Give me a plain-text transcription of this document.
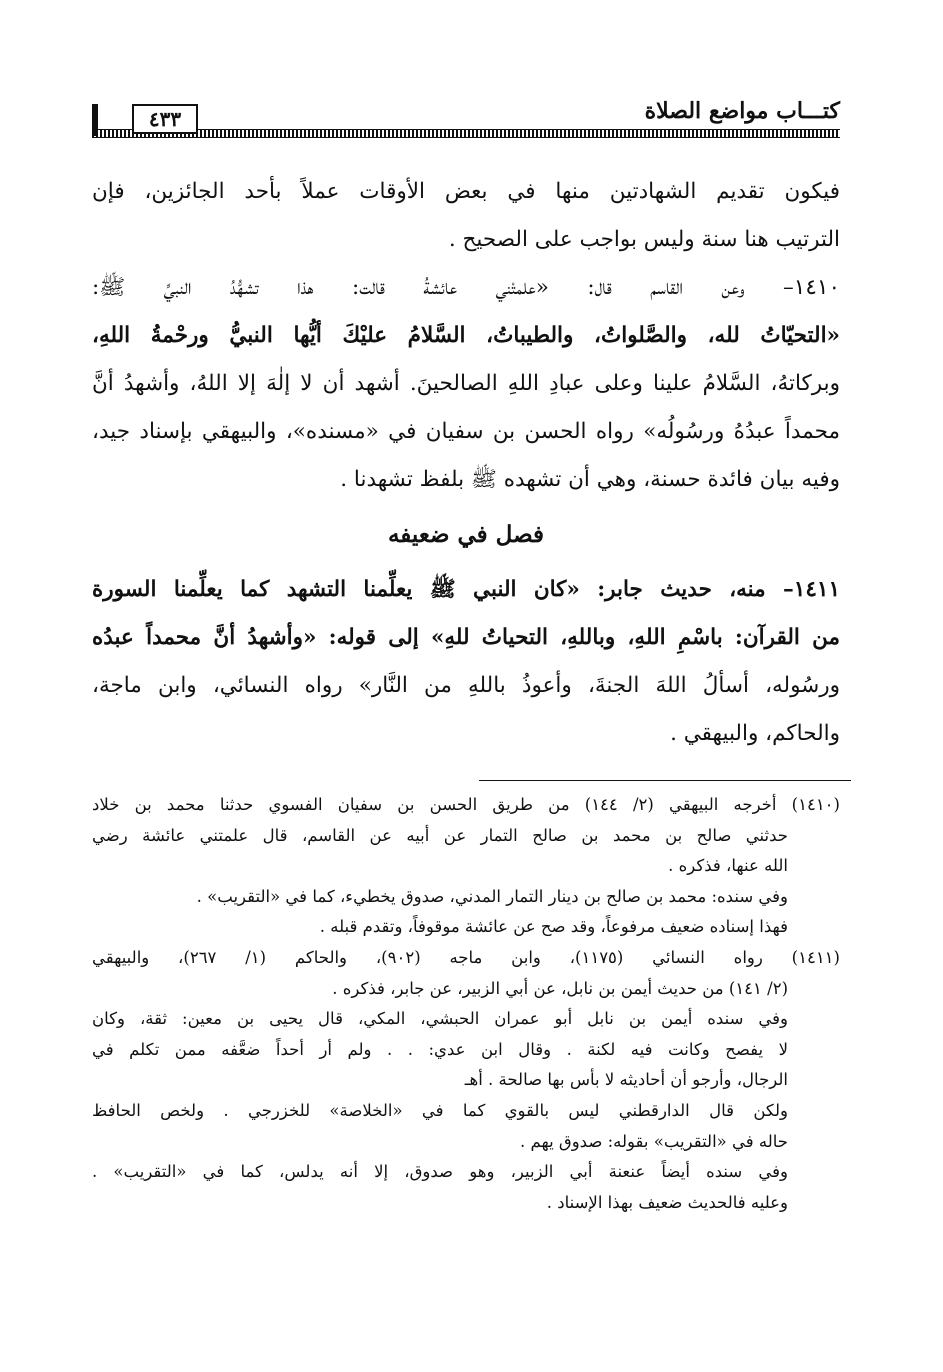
كتـــاب مواضع الصلاة
٤٣٣
فيكون تقديم الشهادتين منها في بعض الأوقات عملاً بأحد الجائزين، فإن
الترتيب هنا سنة وليس بواجب على الصحيح .
١٤١٠– وعن القاسم قال: «علمتْني عائشةُ قالت: هذا تشهُّدُ النبيِّ ﷺ:
«التحيّاتُ لله، والصَّلواتُ، والطيباتُ، السَّلامُ عليْكَ أيُّها النبيُّ ورحْمةُ اللهِ،
وبركاتهُ، السَّلامُ علينا وعلى عبادِ اللهِ الصالحينَ. أشهد أن لا إلٰهَ إلا اللهُ، وأشهدُ أنَّ
محمداً عبدُهُ ورسُولُه» رواه الحسن بن سفيان في «مسنده»، والبيهقي بإسناد جيد،
وفيه بيان فائدة حسنة، وهي أن تشهده ﷺ بلفظ تشهدنا .
فصل في ضعيفه
١٤١١– منه، حديث جابر: «كان النبي ﷺ يعلِّمنا التشهد كما يعلِّمنا السورة
من القرآن: باسْمِ اللهِ، وباللهِ، التحياتُ للهِ» إلى قوله: «وأشهدُ أنَّ محمداً عبدُه
ورسُوله، أسألُ اللهَ الجنةَ، وأعوذُ باللهِ من النَّار» رواه النسائي، وابن ماجة،
والحاكم، والبيهقي .
(١٤١٠) أخرجه البيهقي (٢/ ١٤٤) من طريق الحسن بن سفيان الفسوي حدثنا محمد بن خلاد
حدثني صالح بن محمد بن صالح التمار عن أبيه عن القاسم، قال علمتني عائشة رضي
الله عنها، فذكره .
وفي سنده: محمد بن صالح بن دينار التمار المدني، صدوق يخطيء، كما في «التقريب» .
فهذا إسناده ضعيف مرفوعاً، وقد صح عن عائشة موقوفاً، وتقدم قبله .
(١٤١١) رواه النسائي (١١٧٥)، وابن ماجه (٩٠٢)، والحاكم (١/ ٢٦٧)، والبيهقي
(٢/ ١٤١) من حديث أيمن بن نابل، عن أبي الزبير، عن جابر، فذكره .
وفي سنده أيمن بن نابل أبو عمران الحبشي، المكي، قال يحيى بن معين: ثقة، وكان
لا يفصح وكانت فيه لكنة . وقال ابن عدي: . . ولم أر أحداً ضعَّفه ممن تكلم في
الرجال، وأرجو أن أحاديثه لا بأس بها صالحة . أهـ
ولكن قال الدارقطني ليس بالقوي كما في «الخلاصة» للخزرجي . ولخص الحافظ
حاله في «التقريب» بقوله: صدوق يهم .
وفي سنده أيضاً عنعنة أبي الزبير، وهو صدوق، إلا أنه يدلس، كما في «التقريب» .
وعليه فالحديث ضعيف بهذا الإسناد .
